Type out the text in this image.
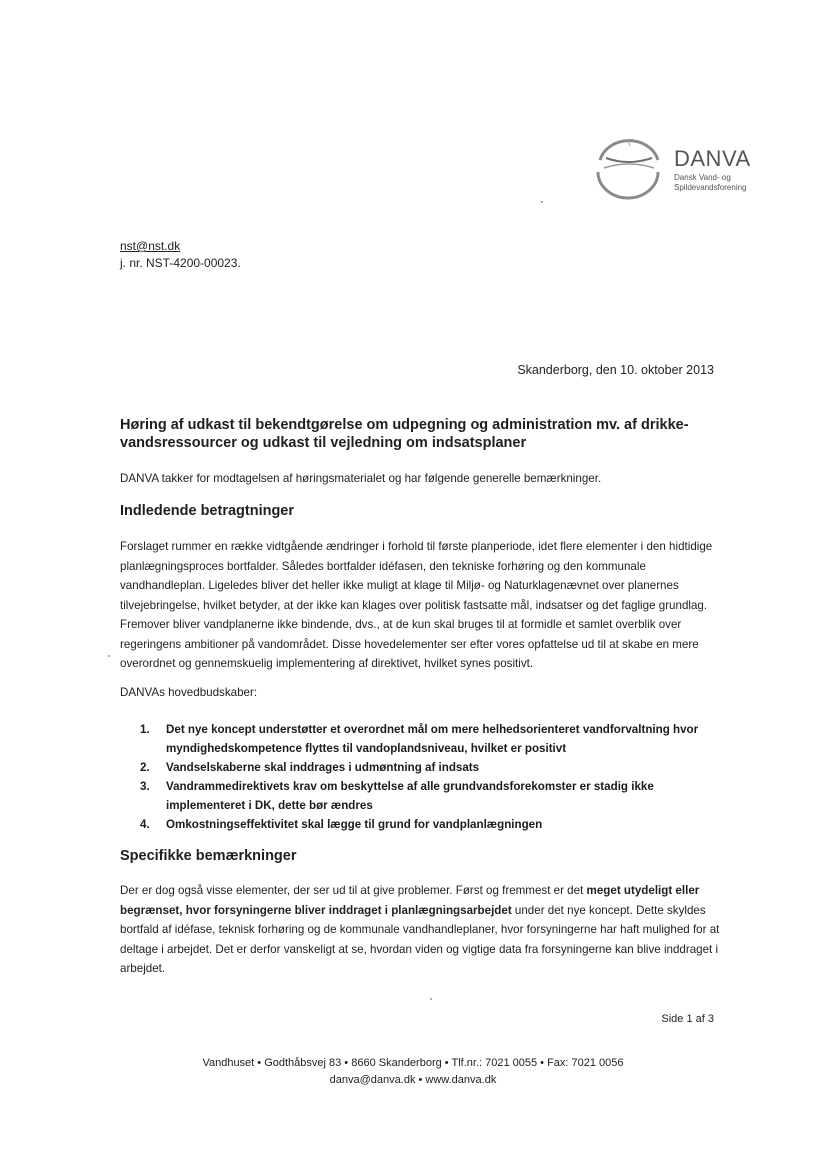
DANVA
Dansk Vand- og
Spildevandsforening
nst@nst.dk
j. nr. NST-4200-00023.
Skanderborg, den 10. oktober 2013
Høring af udkast til bekendtgørelse om udpegning og administration mv. af drikke-vandsressourcer og udkast til vejledning om indsatsplaner
DANVA takker for modtagelsen af høringsmaterialet og har følgende generelle bemærkninger.
Indledende betragtninger
Forslaget rummer en række vidtgående ændringer i forhold til første planperiode, idet flere elementer i den hidtidige planlægningsproces bortfalder. Således bortfalder idéfasen, den tekniske forhøring og den kommunale vandhandleplan. Ligeledes bliver det heller ikke muligt at klage til Miljø- og Naturklagenævnet over planernes tilvejebringelse, hvilket betyder, at der ikke kan klages over politisk fastsatte mål, indsatser og det faglige grundlag. Fremover bliver vandplanerne ikke bindende, dvs., at de kun skal bruges til at formidle et samlet overblik over regeringens ambitioner på vandområdet. Disse hovedelementer ser efter vores opfattelse ud til at skabe en mere overordnet og gennemskuelig implementering af direktivet, hvilket synes positivt.
DANVAs hovedbudskaber:
1. Det nye koncept understøtter et overordnet mål om mere helhedsorienteret vandforvaltning hvor myndighedskompetence flyttes til vandoplandsniveau, hvilket er positivt
2. Vandselskaberne skal inddrages i udmøntning af indsats
3. Vandrammedirektivets krav om beskyttelse af alle grundvandsforekomster er stadig ikke implementeret i DK, dette bør ændres
4. Omkostningseffektivitet skal lægge til grund for vandplanlægningen
Specifikke bemærkninger
Der er dog også visse elementer, der ser ud til at give problemer. Først og fremmest er det meget utydeligt eller begrænset, hvor forsyningerne bliver inddraget i planlægningsarbejdet under det nye koncept. Dette skyldes bortfald af idéfase, teknisk forhøring og de kommunale vandhandleplaner, hvor forsyningerne har haft mulighed for at deltage i arbejdet. Det er derfor vanskeligt at se, hvordan viden og vigtige data fra forsyningerne kan blive inddraget i arbejdet.
Side 1 af 3
Vandhuset • Godthåbsvej 83 • 8660 Skanderborg • Tlf.nr.: 7021 0055 • Fax: 7021 0056
danva@danva.dk • www.danva.dk
